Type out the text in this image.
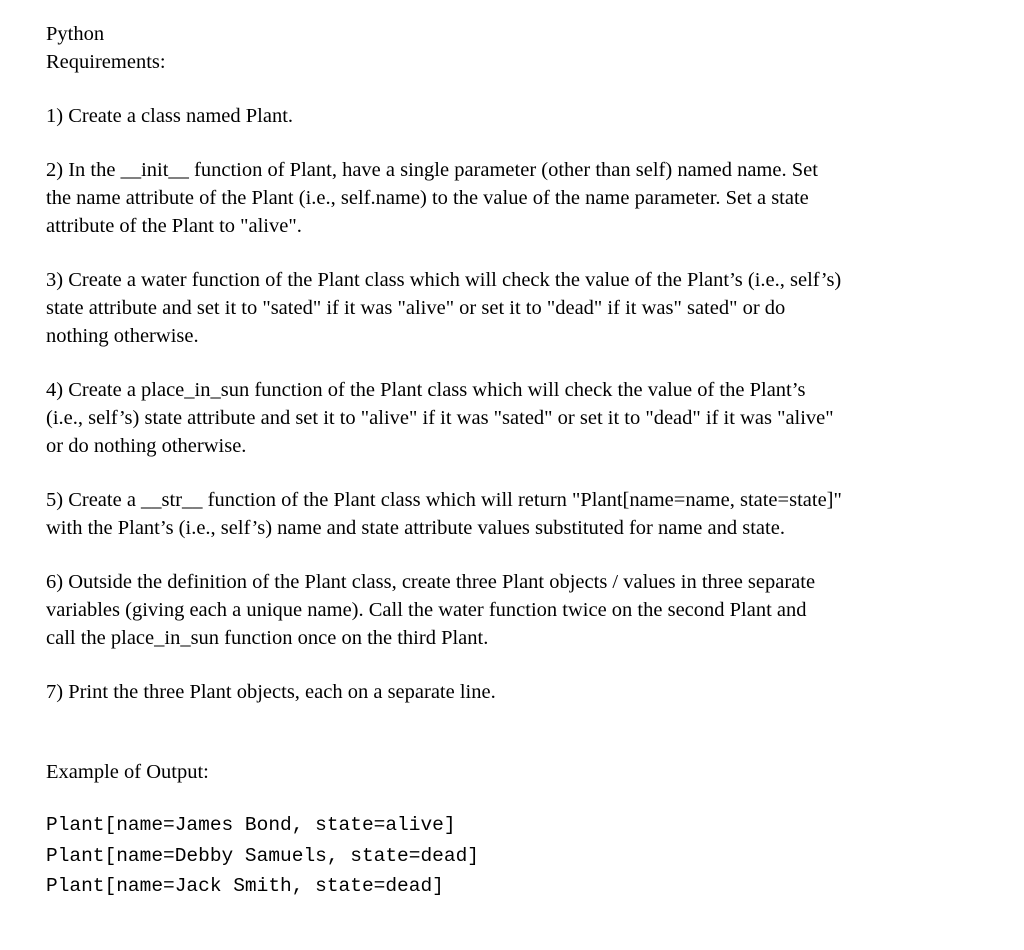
Python
Requirements:
1) Create a class named Plant.
2) In the __init__ function of Plant, have a single parameter (other than self) named name. Set
the name attribute of the Plant (i.e., self.name) to the value of the name parameter. Set a state
attribute of the Plant to "alive".
3) Create a water function of the Plant class which will check the value of the Plant’s (i.e., self’s)
state attribute and set it to "sated" if it was "alive" or set it to "dead" if it was" sated" or do
nothing otherwise.
4) Create a place_in_sun function of the Plant class which will check the value of the Plant’s
(i.e., self’s) state attribute and set it to "alive" if it was "sated" or set it to "dead" if it was "alive"
or do nothing otherwise.
5) Create a __str__ function of the Plant class which will return "Plant[name=name, state=state]"
with the Plant’s (i.e., self’s) name and state attribute values substituted for name and state.
6) Outside the definition of the Plant class, create three Plant objects / values in three separate
variables (giving each a unique name). Call the water function twice on the second Plant and
call the place_in_sun function once on the third Plant.
7) Print the three Plant objects, each on a separate line.
Example of Output:
Plant[name=James Bond, state=alive]
Plant[name=Debby Samuels, state=dead]
Plant[name=Jack Smith, state=dead]
